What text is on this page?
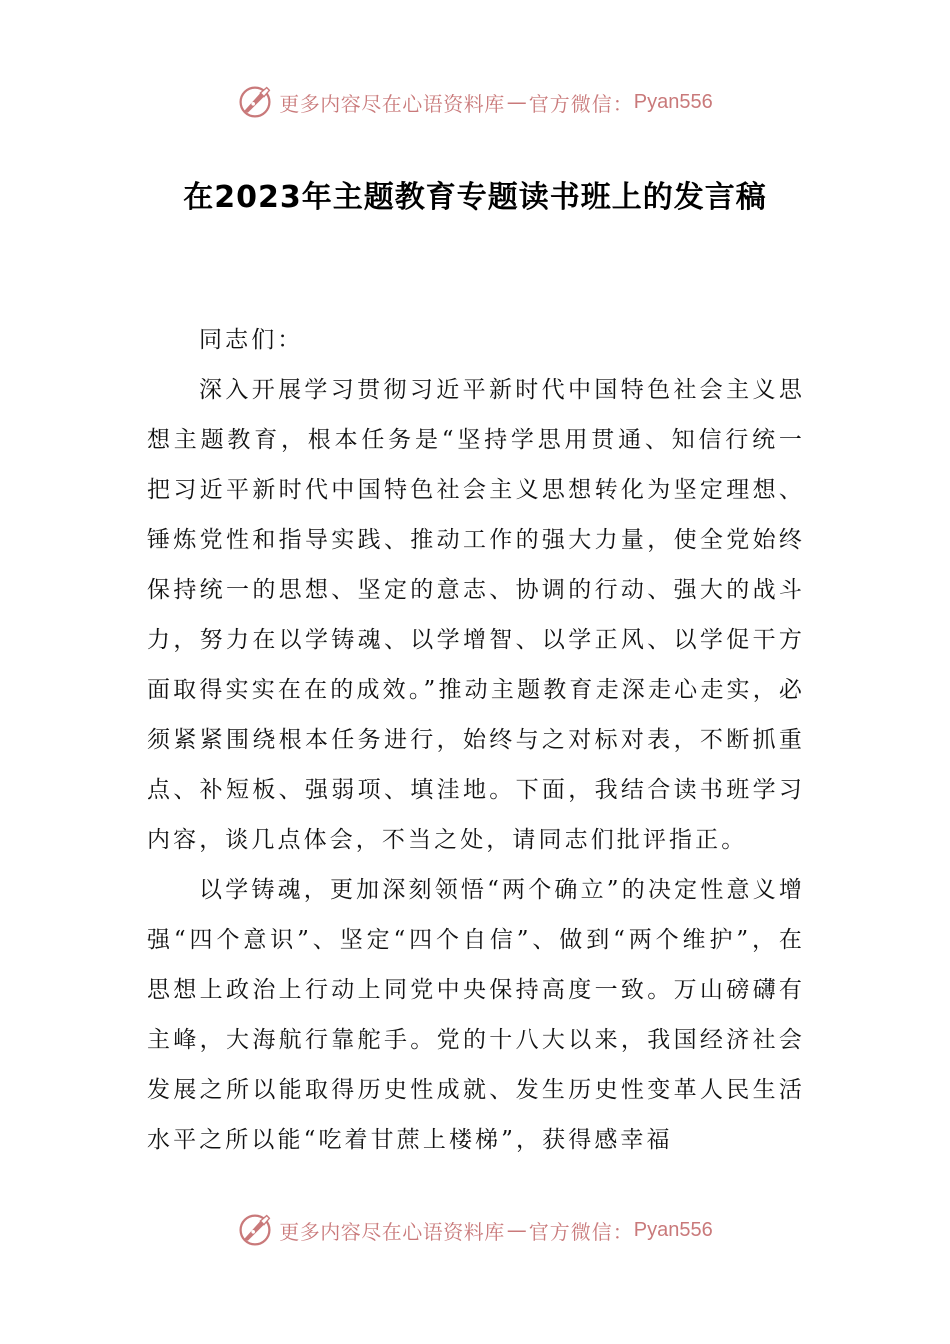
更多内容尽在心语资料库 — 官方微信： Pyan556
在2023年主题教育专题读书班上的发言稿

同志们：

深入开展学习贯彻习近平新时代中国特色社会主义思想主题教育，根本任务是“坚持学思用贯通、知信行统一把习近平新时代中国特色社会主义思想转化为坚定理想、锤炼党性和指导实践、推动工作的强大力量，使全党始终保持统一的思想、坚定的意志、协调的行动、强大的战斗力，努力在以学铸魂、以学增智、以学正风、以学促干方面取得实实在在的成效。”推动主题教育走深走心走实，必须紧紧围绕根本任务进行，始终与之对标对表，不断抓重点、补短板、强弱项、填洼地。下面，我结合读书班学习内容，谈几点体会，不当之处，请同志们批评指正。

以学铸魂，更加深刻领悟“两个确立”的决定性意义增强“四个意识”、坚定“四个自信”、做到“两个维护”，在思想上政治上行动上同党中央保持高度一致。万山磅礴有主峰，大海航行靠舵手。党的十八大以来，我国经济社会发展之所以能取得历史性成就、发生历史性变革人民生活水平之所以能“吃着甘蔗上楼梯”，获得感幸福

更多内容尽在心语资料库 — 官方微信： Pyan556
